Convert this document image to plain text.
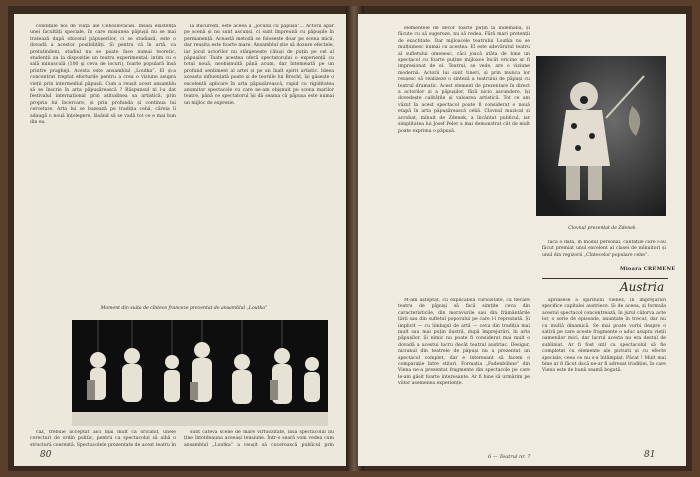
condițiile noi de viață ale Cehoslovaciei. Însăși existența unei facultăți speciale, în care misiunea păpușii nu se mai tratează după obiceiul păpușerilor, ci se studiază, este o dovadă a acestor posibilități. Și pentru că în artă, ca pretutindeni, studiul nu se poate face numai teoretic, studenții au la dispoziție un teatru experimental, intim cu o sală minusculă (100 şi ceva de locuri), foarte populară însă printre pragheji. Acesta este ansamblul „Loutka”. El și-a concentrat treptat eforturile pentru a crea o viziune asupra vieții prin intermediul păpușii. Cum a reușit acest ansamblu să se înscrie în arta păpușărească ? Răspunsul ni l-a dat festivalul internațional prin atitudinea sa artistică, prin propria lui încercare, și prin profunda și continua lui cercetare. Arta lui se bazează pe tradiția cehă, căreia îi adaugă o nouă înțelegere, lăsând să se vadă tot ce e mai bun din ea.

la București, este aceea a „jocului cu păpușa”... Actorii apar pe scenă și nu sunt ascunși, ci sunt împreună cu păpușile în permanență. Această metodă se folosește doar pe scena mică, dar reușita este foarte mare. Ansamblul știe să dozeze efectele, iar jocul actorilor nu stânjenește câtuși de puțin pe cel al păpușilor. Toate acestea oferă spectatorului o experiență cu totul nouă, neobișnuită până acum, dar întemeiată pe un profund sentiment al artei și pe un înalt spirit artistic. Ideea aceasta influențată poate și de teoriile lui Brecht, își găsește o excelentă aplicare în arta păpușărească, rapid cu rigiditatea anumitor spectacole cu care ne-am obișnuit pe scena marilor teatre, până ce spectatorul își dă seama că păpușa este numai un mijloc de expresie.

Moment din suita de cîntece franceze prezentat de ansamblul „Loutka”

caz, trebuie acceptat aici mai mult ca oricând, unele corecturi de ordin politic, pentru ca spectacolul să aibă o structură coerentă. Spectacolele prezentate de acest teatru în

sunt câteva scene de mare virtuozitate, însă spectacolul nu ține întotdeauna aceeași tensiune. Într-o seară vom vedea cum ansamblul „Loutka” a reușit să cucerească publicul prin

80

elementele de decor foarte puțin la îndemână, și făcute cu să sugereze, nu să redea. Fără mari pretenții de exactitate. Dar mijloacele teatrului Loutka nu se mulțumesc numai cu acestea. El este adevăratul teatru al sufletului omenesc, căci joacă atâta de bine un spectacol cu foarte puține mijloace încât oricine ar fi impresionat de el. Teatrul, se vede, are o viziune modernă. Actorii lui sunt tineri, și prin munca lor reușesc să realizeze o sinteză a teatrului de păpuși cu teatrul dramatic. Acest element de prezentare în direct a actorilor și a păpușilor, fără nicio ascundere, își dovedește calitățile și valoarea artistică. Tot ce am văzut în acest spectacol poate fi considerat o nouă etapă în arta păpușărească cehă. Clovnul muzical și acrobat, mînuit de Zdenek, a încântat publicul, iar simplitatea lui Josef Peler a mai demonstrat cât de mult poate exprima o păpușă.

Clovnul prezentat de Zdenek

lucă o dată, în modul personal, calitățile care l-au făcut premiat unul excelent al clasei de mînuitori și unul din regizorii „Cîntecelor populare cehe”.

Mioara CREMENE
Austria

M-am așteptat, cu explicabilă curiozitate, ca fiecare teatru de păpuși să facă simțite ceva din caracteristicile, din moravurile sau din frământările țării sau din sufletul poporului pe care l-l reprezintă. Și implicit — cu limbajul de artă — ceva din tradiția mai mult sau mai puțin ilustră, după împrejurări, în arta păpușilor. Și nimic nu poate fi considerat mai mult o dovadă a acestui lucru decât teatrul austriac. Desigur, niciunul din teatrele de păpuși nu a prezentat un spectacol complet, dar e interesant să facem o comparație între stiluri. Formația „Fadenbühne” din Viena ne-a prezentat fragmente din spectacole pe care le-am găsit foarte interesante. Ar fi bine să urmărim pe viitor asemenea experiențe.

aprinsese a spiritului vienez, în împrejurări specifice capitalei austriece. Și de aceea, și formula acestui spectacol concentrează, în jurul câtorva acte lor, o serie de episoade, anunțate în trecut, dar nu cu multă dinamică. Se mai poate vorbi despre o satiră pe care aceste fragmente o aduc asupra vieții oamenilor mici, dar lucrul acesta nu era destul de subliniat. Ar fi fost util ca spectacolul să fie completat cu elemente ale picturii și cu efecte speciale, ceea ce nu s-a întâmplat. Păcat ! Mult mai bine ar fi făcut dacă ne-ar fi adresat tradiției, în care Viena este de bună seamă bogată.

6 — Teatrul nr. 7	81
